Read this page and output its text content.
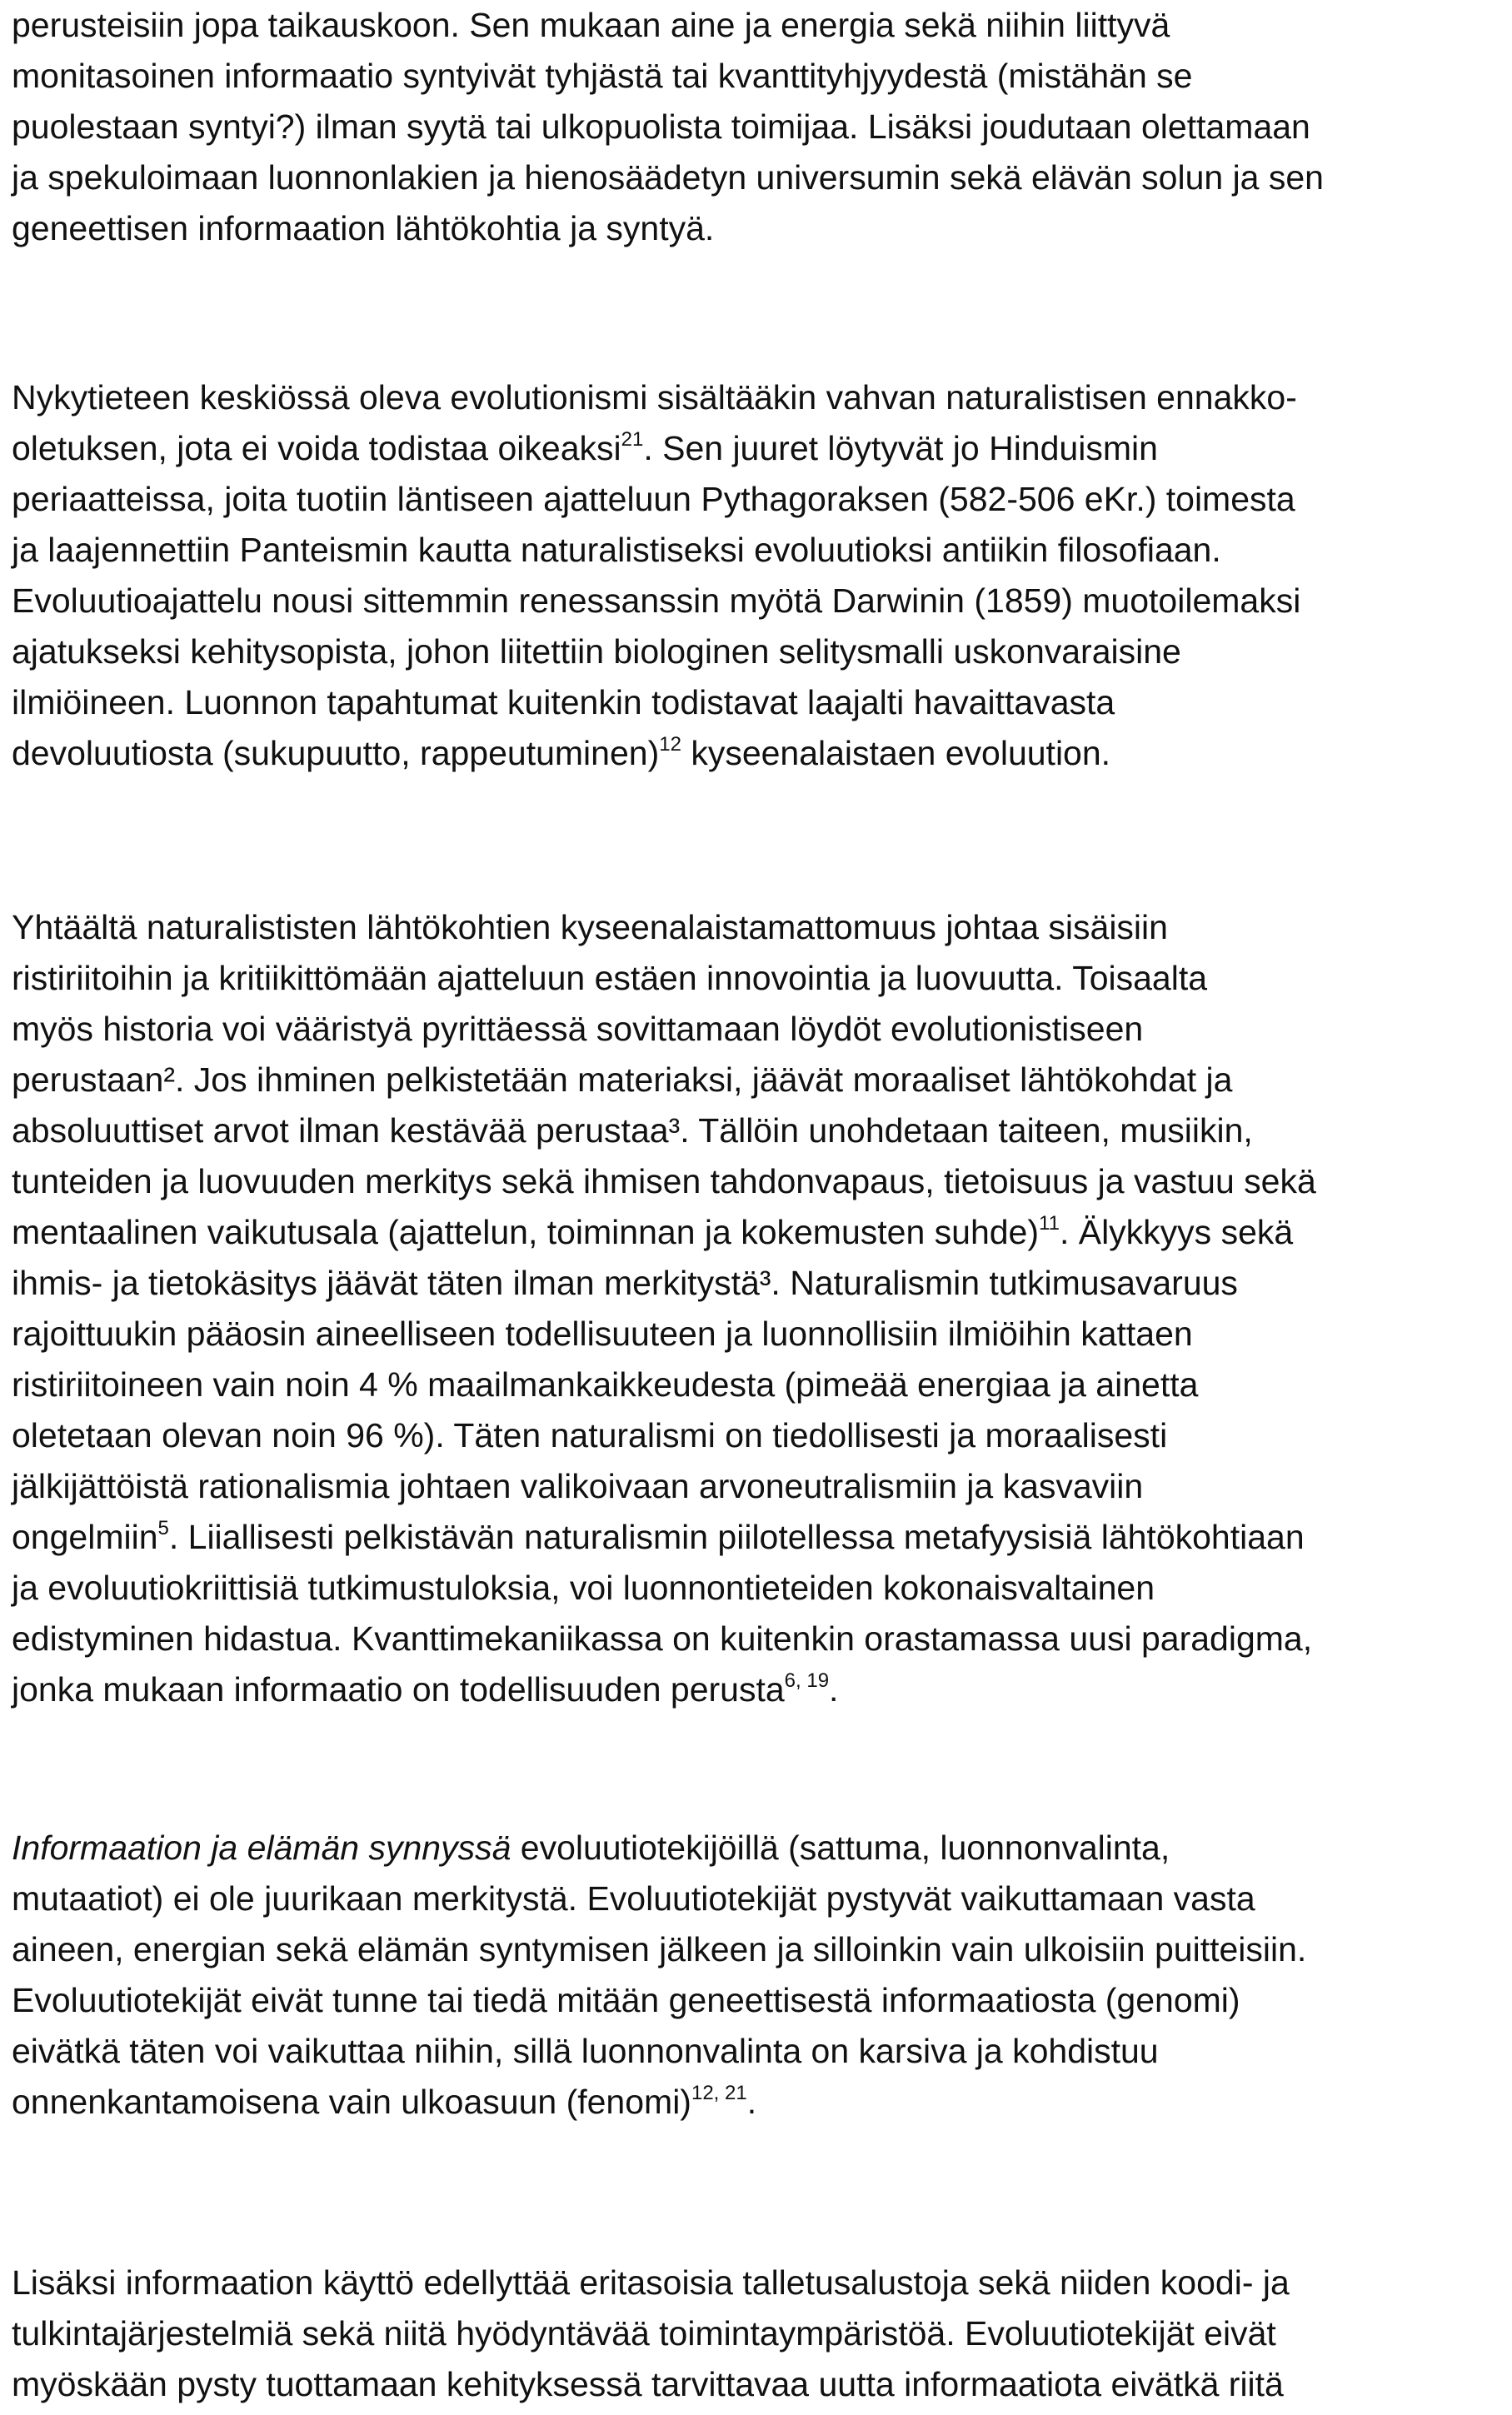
perusteisiin jopa taikauskoon. Sen mukaan aine ja energia sekä niihin liittyvä
monitasoinen informaatio syntyivät tyhjästä tai kvanttityhjyydestä (mistähän se
puolestaan syntyi?) ilman syytä tai ulkopuolista toimijaa. Lisäksi joudutaan olettamaan
ja spekuloimaan luonnonlakien ja hienosäädetyn universumin sekä elävän solun ja sen
geneettisen informaation lähtökohtia ja syntyä.
Nykytieteen keskiössä oleva evolutionismi sisältääkin vahvan naturalistisen ennakko-
oletuksen, jota ei voida todistaa oikeaksi$^{21}$. Sen juuret löytyvät jo Hinduismin
periaatteissa, joita tuotiin läntiseen ajatteluun Pythagoraksen (582-506 eKr.) toimesta
ja laajennettiin Panteismin kautta naturalistiseksi evoluutioksi antiikin filosofiaan.
Evoluutioajattelu nousi sittemmin renessanssin myötä Darwinin (1859) muotoilemaksi
ajatukseksi kehitysopista, johon liitettiin biologinen selitysmalli uskonvaraisine
ilmiöineen. Luonnon tapahtumat kuitenkin todistavat laajalti havaittavasta
devoluutiosta (sukupuutto, rappeutuminen)$^{12}$ kyseenalaistaen evoluution.
Yhtäältä naturalististen lähtökohtien kyseenalaistamattomuus johtaa sisäisiin
ristiriitoihin ja kritiikittömään ajatteluun estäen innovointia ja luovuutta. Toisaalta
myös historia voi vääristyä pyrittäessä sovittamaan löydöt evolutionistiseen
perustaan². Jos ihminen pelkistetään materiaksi, jäävät moraaliset lähtökohdat ja
absoluuttiset arvot ilman kestävää perustaa³. Tällöin unohdetaan taiteen, musiikin,
tunteiden ja luovuuden merkitys sekä ihmisen tahdonvapaus, tietoisuus ja vastuu sekä
mentaalinen vaikutusala (ajattelun, toiminnan ja kokemusten suhde)$^{11}$. Älykkyys sekä
ihmis- ja tietokäsitys jäävät täten ilman merkitystä³. Naturalismin tutkimusavaruus
rajoittuukin pääosin aineelliseen todellisuuteen ja luonnollisiin ilmiöihin kattaen
ristiriitoineen vain noin 4 % maailmankaikkeudesta (pimeää energiaa ja ainetta
oletetaan olevan noin 96 %). Täten naturalismi on tiedollisesti ja moraalisesti
jälkijättöistä rationalismia johtaen valikoivaan arvoneutralismiin ja kasvaviin
ongelmiin$^5$. Liiallisesti pelkistävän naturalismin piilotellessa metafyysisiä lähtökohtiaan
ja evoluutiokriittisiä tutkimustuloksia, voi luonnontieteiden kokonaisvaltainen
edistyminen hidastua. Kvanttimekaniikassa on kuitenkin orastamassa uusi paradigma,
jonka mukaan informaatio on todellisuuden perusta$^{6, 19}$.
Informaation ja elämän synnyssä evoluutiotekijöillä (sattuma, luonnonvalinta,
mutaatiot) ei ole juurikaan merkitystä. Evoluutiotekijät pystyvät vaikuttamaan vasta
aineen, energian sekä elämän syntymisen jälkeen ja silloinkin vain ulkoisiin puitteisiin.
Evoluutiotekijät eivät tunne tai tiedä mitään geneettisestä informaatiosta (genomi)
eivätkä täten voi vaikuttaa niihin, sillä luonnonvalinta on karsiva ja kohdistuu
onnenkantamoisena vain ulkoasuun (fenomi)$^{12, 21}$.
Lisäksi informaation käyttö edellyttää eritasoisia talletusalustoja sekä niiden koodi- ja
tulkintajärjestelmiä sekä niitä hyödyntävää toimintaympäristöä. Evoluutiotekijät eivät
myöskään pysty tuottamaan kehityksessä tarvittavaa uutta informaatiota eivätkä riitä
